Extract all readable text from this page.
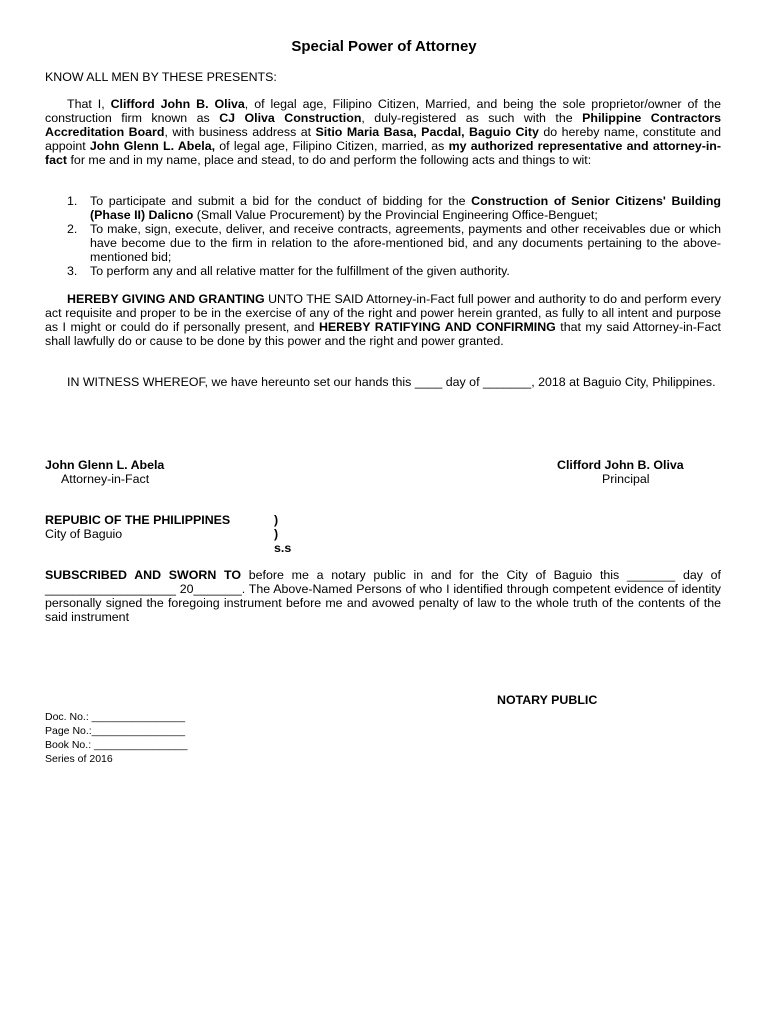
Special Power of Attorney
KNOW ALL MEN BY THESE PRESENTS:
That I, Clifford John B. Oliva, of legal age, Filipino Citizen, Married, and being the sole proprietor/owner of the construction firm known as CJ Oliva Construction, duly-registered as such with the Philippine Contractors Accreditation Board, with business address at Sitio Maria Basa, Pacdal, Baguio City do hereby name, constitute and appoint John Glenn L. Abela, of legal age, Filipino Citizen, married, as my authorized representative and attorney-in-fact for me and in my name, place and stead, to do and perform the following acts and things to wit:
1. To participate and submit a bid for the conduct of bidding for the Construction of Senior Citizens' Building (Phase II) Dalicno (Small Value Procurement) by the Provincial Engineering Office-Benguet;
2. To make, sign, execute, deliver, and receive contracts, agreements, payments and other receivables due or which have become due to the firm in relation to the afore-mentioned bid, and any documents pertaining to the above-mentioned bid;
3. To perform any and all relative matter for the fulfillment of the given authority.
HEREBY GIVING AND GRANTING UNTO THE SAID Attorney-in-Fact full power and authority to do and perform every act requisite and proper to be in the exercise of any of the right and power herein granted, as fully to all intent and purpose as I might or could do if personally present, and HEREBY RATIFYING AND CONFIRMING that my said Attorney-in-Fact shall lawfully do or cause to be done by this power and the right and power granted.
IN WITNESS WHEREOF, we have hereunto set our hands this ____ day of _______, 2018 at Baguio City, Philippines.
John Glenn L. Abela
Attorney-in-Fact
Clifford John B. Oliva
Principal
REPUBIC OF THE PHILIPPINES	)
City of Baguio	) s.s
SUBSCRIBED AND SWORN TO before me a notary public in and for the City of Baguio this _______ day of ___________________ 20_______. The Above-Named Persons of who I identified through competent evidence of identity personally signed the foregoing instrument before me and avowed penalty of law to the whole truth of the contents of the said instrument
NOTARY PUBLIC
Doc. No.: ________________
Page No.:________________
Book No.: ________________
Series of 2016
